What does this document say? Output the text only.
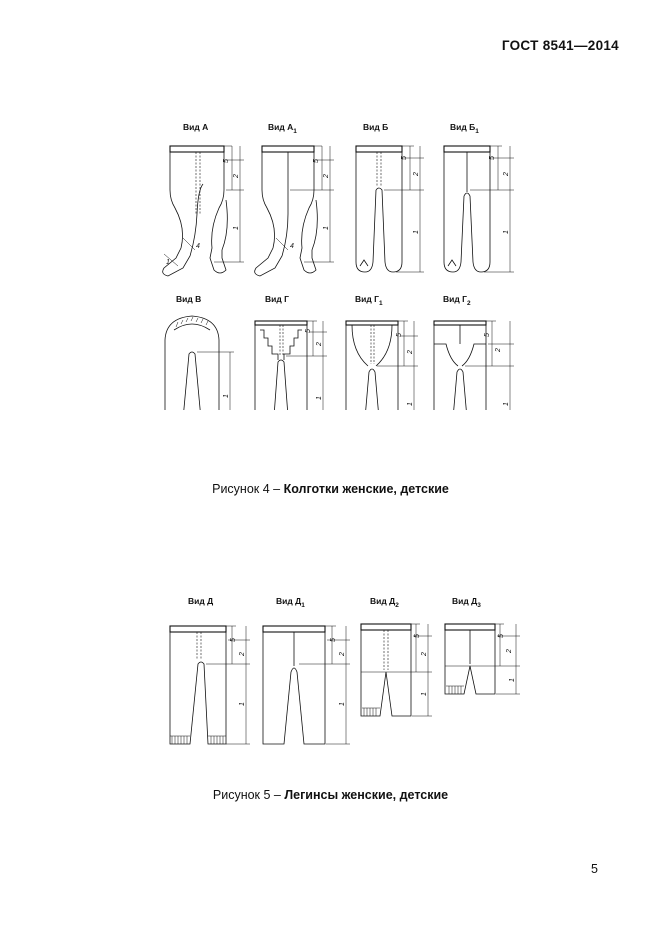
ГОСТ 8541—2014
Вид А	Вид $А_1$	Вид Б	Вид $Б_1$
5
2
1
4
1
5
2
1
4
5
2
1
5
2
1
Вид В	Вид Г	Вид $Г_1$	Вид $Г_2$
1
5
2
1
5
2
1
5
2
1
Рисунок 4 – Колготки женские, детские
Вид Д	Вид $Д_1$	Вид $Д_2$	Вид $Д_3$
5
2
1
5
2
1
5
2
1
5
2
1
Рисунок 5 – Легинсы женские, детские
5
